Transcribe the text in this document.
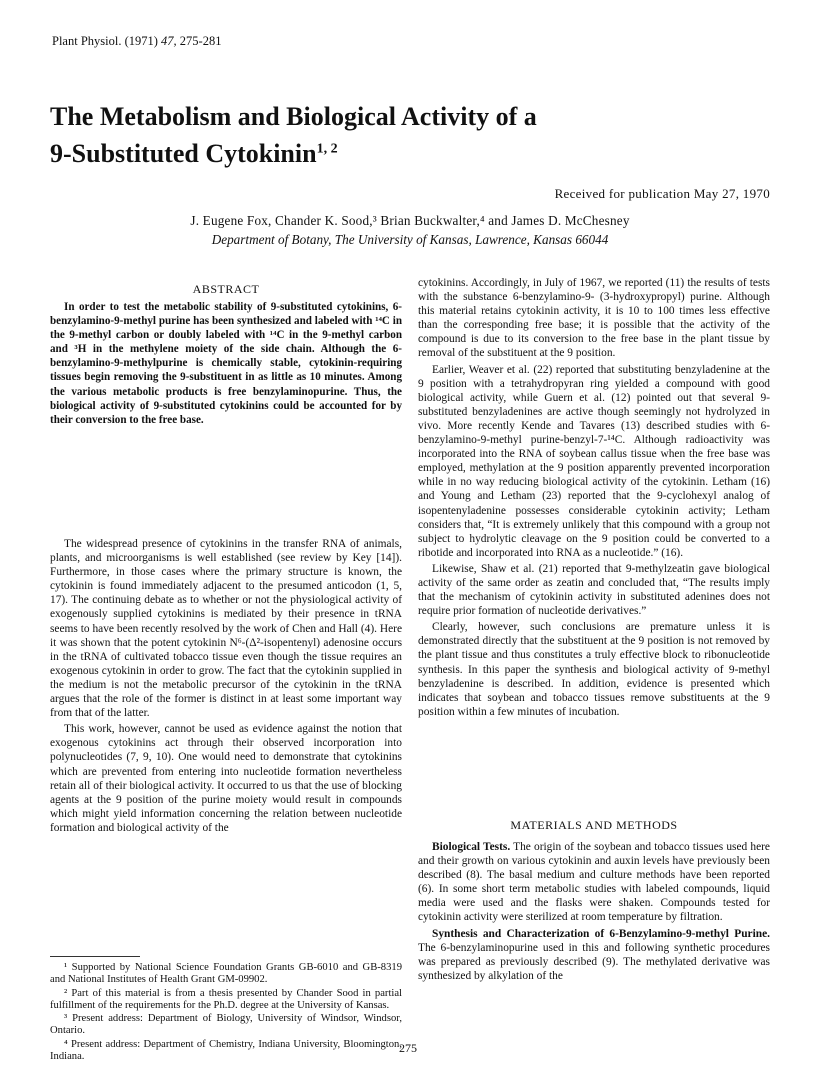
Plant Physiol. (1971) 47, 275-281
The Metabolism and Biological Activity of a
9-Substituted Cytokinin$^{1, 2}$
Received for publication May 27, 1970
J. Eugene Fox, Chander K. Sood,³ Brian Buckwalter,⁴ and James D. McChesney
Department of Botany, The University of Kansas, Lawrence, Kansas 66044
ABSTRACT

In order to test the metabolic stability of 9-substituted cytokinins, 6-benzylamino-9-methyl purine has been synthesized and labeled with ¹⁴C in the 9-methyl carbon or doubly labeled with ¹⁴C in the 9-methyl carbon and ³H in the methylene moiety of the side chain. Although the 6-benzylamino-9-methylpurine is chemically stable, cytokinin-requiring tissues begin removing the 9-substituent in as little as 10 minutes. Among the various metabolic products is free benzylaminopurine. Thus, the biological activity of 9-substituted cytokinins could be accounted for by their conversion to the free base.

The widespread presence of cytokinins in the transfer RNA of animals, plants, and microorganisms is well established (see review by Key [14]). Furthermore, in those cases where the primary structure is known, the cytokinin is found immediately adjacent to the presumed anticodon (1, 5, 17). The continuing debate as to whether or not the physiological activity of exogenously supplied cytokinins is mediated by their presence in tRNA seems to have been recently resolved by the work of Chen and Hall (4). Here it was shown that the potent cytokinin N⁶-(Δ²-isopentenyl) adenosine occurs in the tRNA of cultivated tobacco tissue even though the tissue requires an exogenous cytokinin in order to grow. The fact that the cytokinin supplied in the medium is not the metabolic precursor of the cytokinin in the tRNA argues that the role of the former is distinct in at least some important way from that of the latter.

This work, however, cannot be used as evidence against the notion that exogenous cytokinins act through their observed incorporation into polynucleotides (7, 9, 10). One would need to demonstrate that cytokinins which are prevented from entering into nucleotide formation nevertheless retain all of their biological activity. It occurred to us that the use of blocking agents at the 9 position of the purine moiety would result in compounds which might yield information concerning the relation between nucleotide formation and biological activity of the

¹ Supported by National Science Foundation Grants GB-6010 and GB-8319 and National Institutes of Health Grant GM-09902.

² Part of this material is from a thesis presented by Chander Sood in partial fulfillment of the requirements for the Ph.D. degree at the University of Kansas.

³ Present address: Department of Biology, University of Windsor, Windsor, Ontario.

⁴ Present address: Department of Chemistry, Indiana University, Bloomington, Indiana.

cytokinins. Accordingly, in July of 1967, we reported (11) the results of tests with the substance 6-benzylamino-9- (3-hydroxypropyl) purine. Although this material retains cytokinin activity, it is 10 to 100 times less effective than the corresponding free base; it is possible that the activity of the compound is due to its conversion to the free base in the plant tissue by removal of the substituent at the 9 position.

Earlier, Weaver et al. (22) reported that substituting benzyladenine at the 9 position with a tetrahydropyran ring yielded a compound with good biological activity, while Guern et al. (12) pointed out that several 9-substituted benzyladenines are active though seemingly not hydrolyzed in vivo. More recently Kende and Tavares (13) described studies with 6-benzylamino-9-methyl purine-benzyl-7-¹⁴C. Although radioactivity was incorporated into the RNA of soybean callus tissue when the free base was employed, methylation at the 9 position apparently prevented incorporation while in no way reducing biological activity of the cytokinin. Letham (16) and Young and Letham (23) reported that the 9-cyclohexyl analog of isopentenyladenine possesses considerable cytokinin activity; Letham considers that, “It is extremely unlikely that this compound with a group not subject to hydrolytic cleavage on the 9 position could be converted to a ribotide and incorporated into RNA as a nucleotide.” (16).

Likewise, Shaw et al. (21) reported that 9-methylzeatin gave biological activity of the same order as zeatin and concluded that, “The results imply that the mechanism of cytokinin activity in substituted adenines does not require prior formation of nucleotide derivatives.”

Clearly, however, such conclusions are premature unless it is demonstrated directly that the substituent at the 9 position is not removed by the plant tissue and thus constitutes a truly effective block to ribonucleotide synthesis. In this paper the synthesis and biological activity of 9-methyl benzyladenine is described. In addition, evidence is presented which indicates that soybean and tobacco tissues remove substituents at the 9 position within a few minutes of incubation.

MATERIALS AND METHODS

Biological Tests. The origin of the soybean and tobacco tissues used here and their growth on various cytokinin and auxin levels have previously been described (8). The basal medium and culture methods have been reported (6). In some short term metabolic studies with labeled compounds, liquid media were used and the flasks were shaken. Compounds tested for cytokinin activity were sterilized at room temperature by filtration.

Synthesis and Characterization of 6-Benzylamino-9-methyl Purine. The 6-benzylaminopurine used in this and following synthetic procedures was prepared as previously described (9). The methylated derivative was synthesized by alkylation of the

275
